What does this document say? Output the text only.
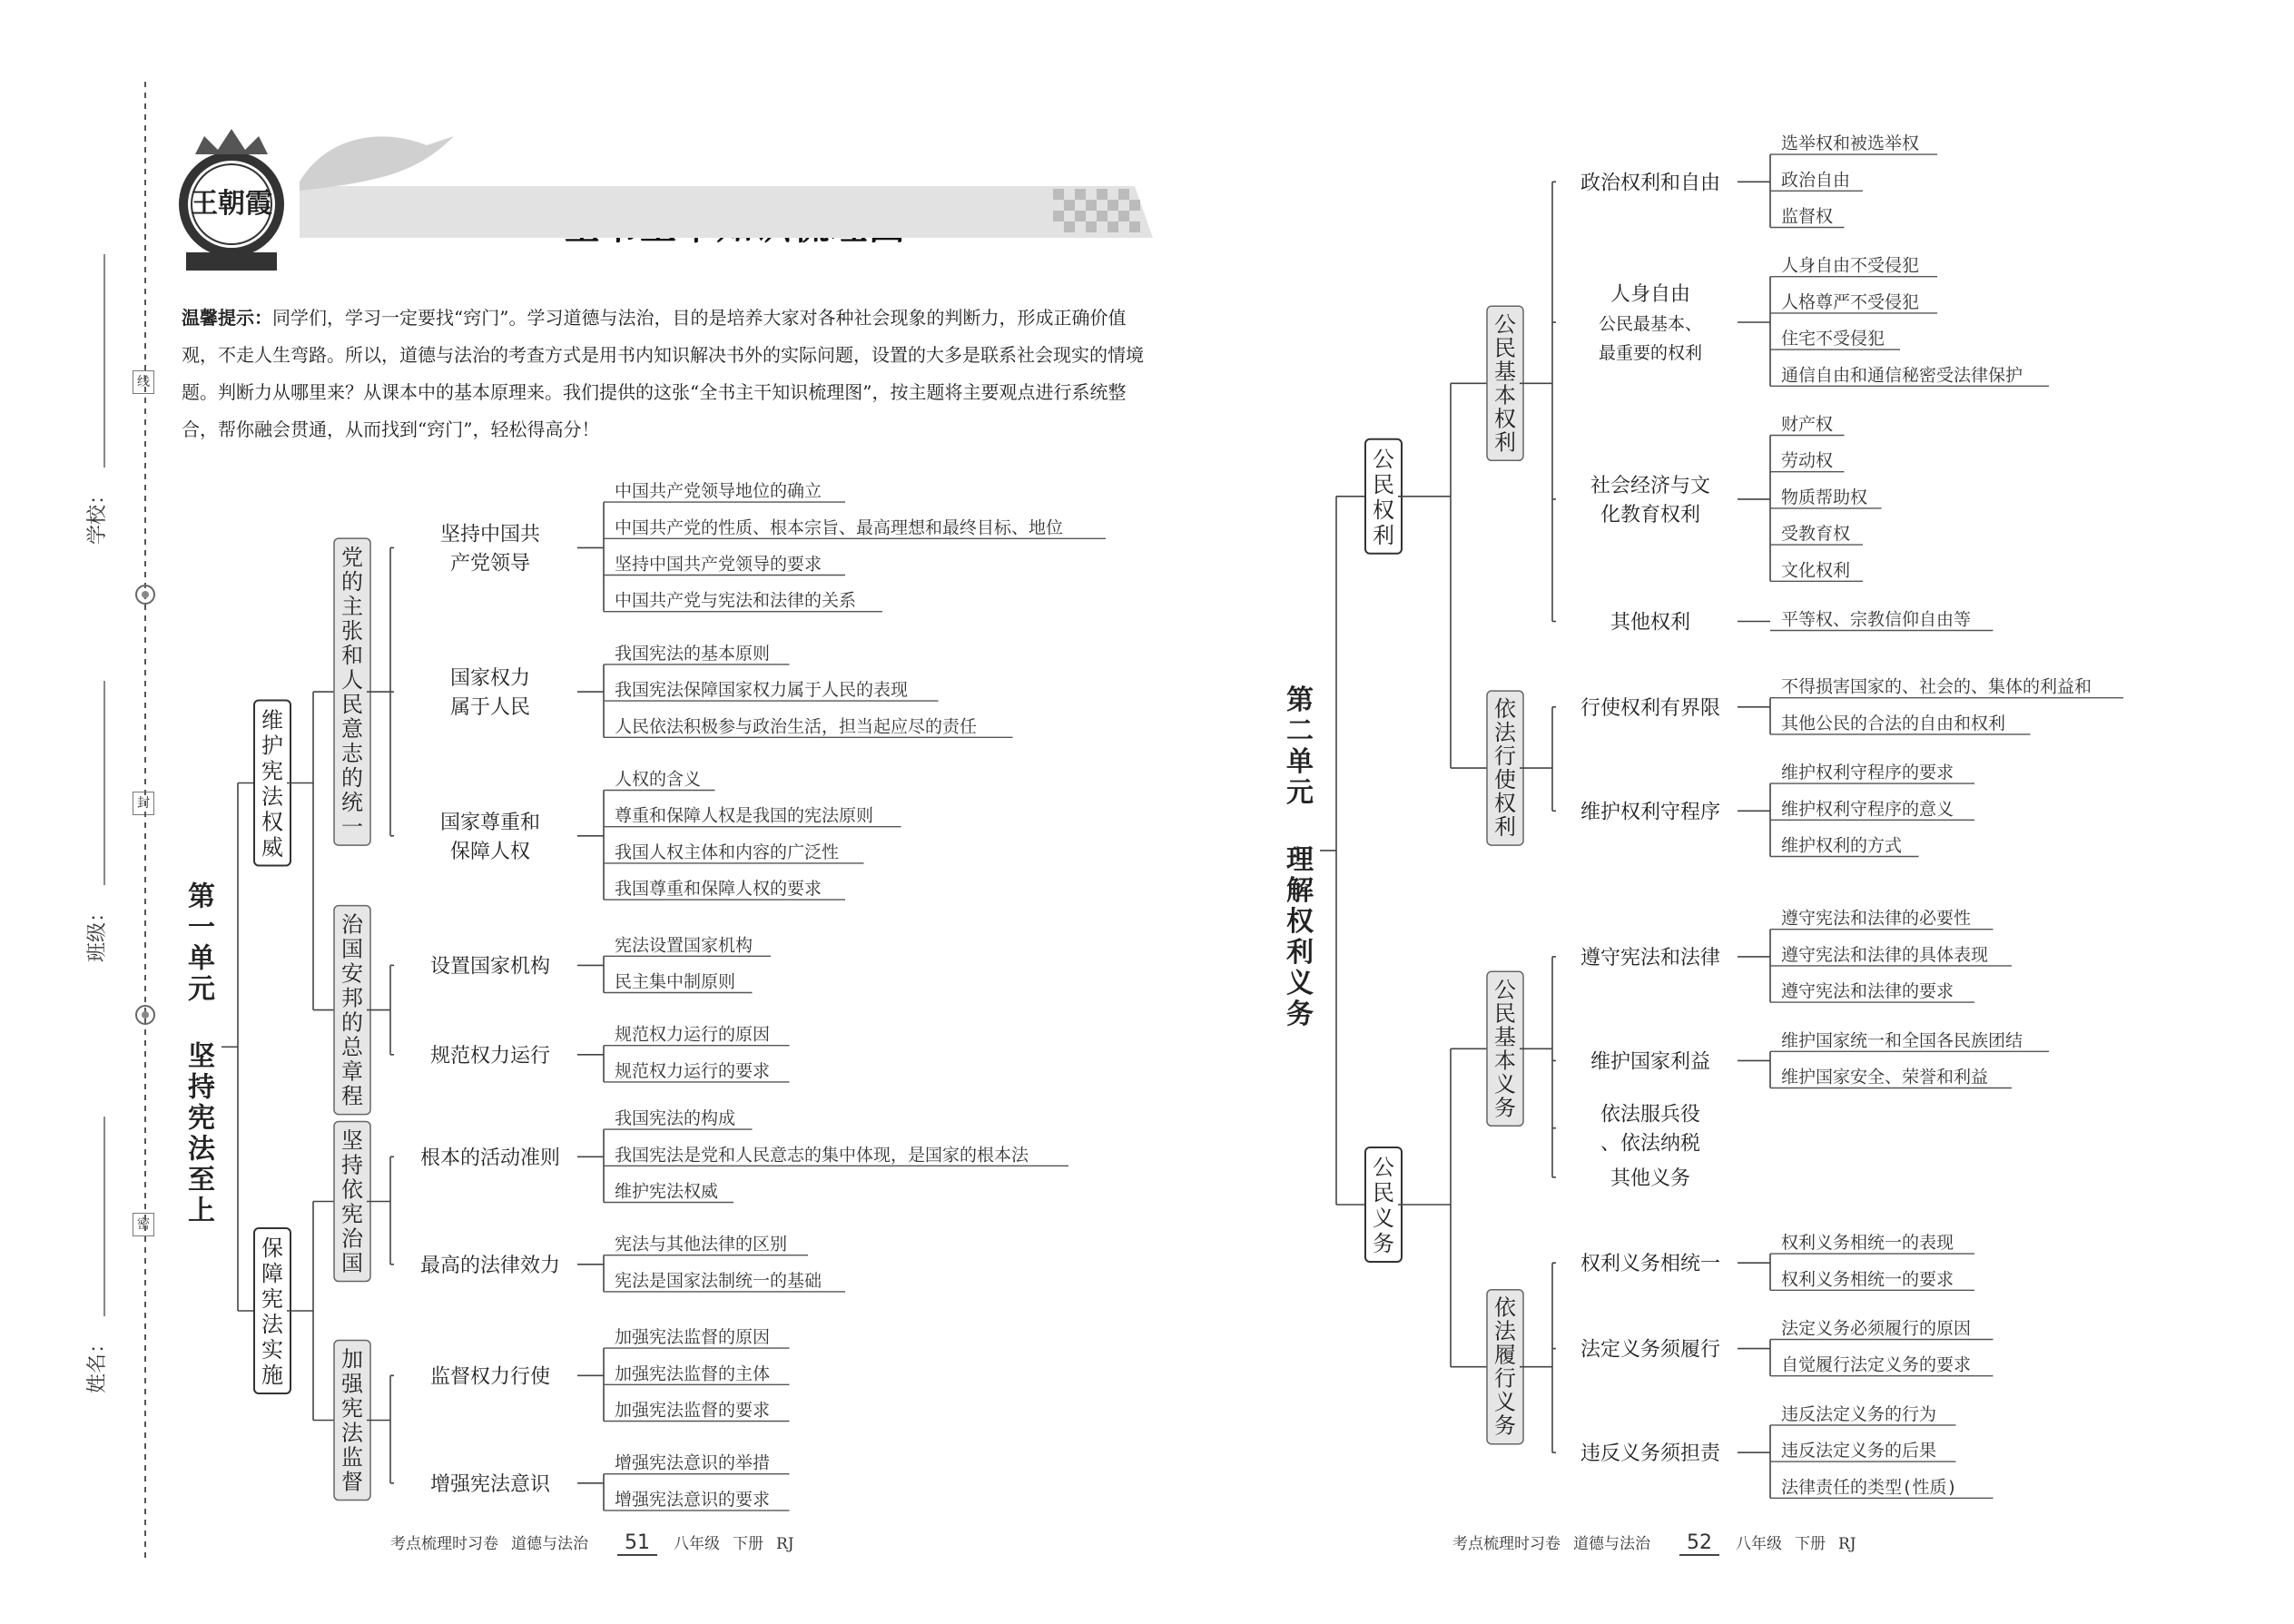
学校：
班级：
姓名：
线
封
密
温馨提示：同学们，学习一定要找“窍门”。学习道德与法治，目的是培养大家对各种社会现象的判断力，形成正确价值观，不走人生弯路。所以，道德与法治的考查方式是用书内知识解决书外的实际问题，设置的大多是联系社会现实的情境题。判断力从哪里来？从课本中的基本原理来。我们提供的这张“全书主干知识梳理图”，按主题将主要观点进行系统整合，帮你融会贯通，从而找到“窍门”，轻松得高分！
考点梳理时习卷 道德与法治 51 八年级 下册 RJ	考点梳理时习卷 道德与法治 52 八年级 下册 RJ
王朝霞
第一单元
坚持宪法至上
维护宪法权威
党的主张和人民意志的统一
坚持中国共产党领导
中国共产党领导地位的确立
中国共产党的性质、根本宗旨、最高理想和最终目标、地位
坚持中国共产党领导的要求
中国共产党与宪法和法律的关系
国家权力属于人民
我国宪法的基本原则
我国宪法保障国家权力属于人民的表现
人民依法积极参与政治生活，担当起应尽的责任
国家尊重和保障人权
人权的含义
尊重和保障人权是我国的宪法原则
我国人权主体和内容的广泛性
我国尊重和保障人权的要求
治国安邦的总章程
设置国家机构
宪法设置国家机构
民主集中制原则
规范权力运行
规范权力运行的原因
规范权力运行的要求
保障宪法实施
坚持依宪治国
根本的活动准则
我国宪法的构成
我国宪法是党和人民意志的集中体现，是国家的根本法
维护宪法权威
最高的法律效力
宪法与其他法律的区别
宪法是国家法制统一的基础
加强宪法监督
监督权力行使
加强宪法监督的原因
加强宪法监督的主体
加强宪法监督的要求
增强宪法意识
增强宪法意识的举措
增强宪法意识的要求
第二单元
理解权利义务
公民权利
公民基本权利
政治权利和自由
选举权和被选举权
政治自由
监督权
人身自由
公民最基本、最重要的权利
人身自由不受侵犯
人格尊严不受侵犯
住宅不受侵犯
通信自由和通信秘密受法律保护
社会经济与文化教育权利
财产权
劳动权
物质帮助权
受教育权
文化权利
其他权利	平等权、宗教信仰自由等
依法行使权利
行使权利有界限
不得损害国家的、社会的、集体的利益和
其他公民的合法的自由和权利
维护权利守程序
维护权利守程序的要求
维护权利守程序的意义
维护权利的方式
公民义务
公民基本义务
遵守宪法和法律
遵守宪法和法律的必要性
遵守宪法和法律的具体表现
遵守宪法和法律的要求
维护国家利益
维护国家统一和全国各民族团结
维护国家安全、荣誉和利益
依法服兵役、依法纳税
其他义务
依法履行义务
权利义务相统一
权利义务相统一的表现
权利义务相统一的要求
法定义务须履行
法定义务必须履行的原因
自觉履行法定义务的要求
违反义务须担责
违反法定义务的行为
违反法定义务的后果
法律责任的类型(性质)
